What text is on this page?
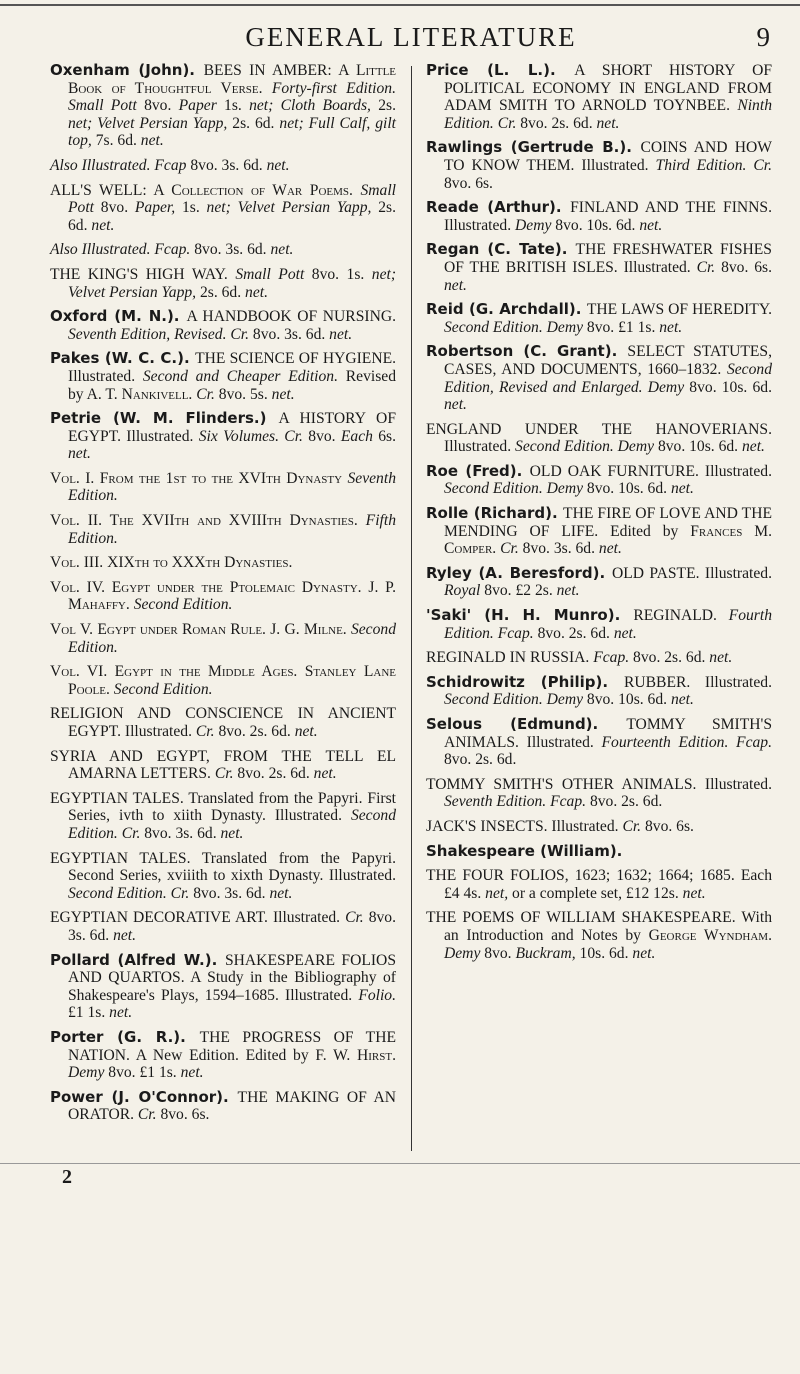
GENERAL LITERATURE	9

Oxenham (John). BEES IN AMBER: A Little Book of Thoughtful Verse. Forty-first Edition. Small Pott 8vo. Paper 1s. net; Cloth Boards, 2s. net; Velvet Persian Yapp, 2s. 6d. net; Full Calf, gilt top, 7s. 6d. net.

Also Illustrated. Fcap 8vo. 3s. 6d. net.

ALL'S WELL: A Collection of War Poems. Small Pott 8vo. Paper, 1s. net; Velvet Persian Yapp, 2s. 6d. net.

Also Illustrated. Fcap. 8vo. 3s. 6d. net.

THE KING'S HIGH WAY. Small Pott 8vo. 1s. net; Velvet Persian Yapp, 2s. 6d. net.

Oxford (M. N.). A HANDBOOK OF NURSING. Seventh Edition, Revised. Cr. 8vo. 3s. 6d. net.

Pakes (W. C. C.). THE SCIENCE OF HYGIENE. Illustrated. Second and Cheaper Edition. Revised by A. T. Nankivell. Cr. 8vo. 5s. net.

Petrie (W. M. Flinders.) A HISTORY OF EGYPT. Illustrated. Six Volumes. Cr. 8vo. Each 6s. net.

Vol. I. From the 1st to the XVIth Dynasty Seventh Edition.

Vol. II. The XVIIth and XVIIIth Dynasties. Fifth Edition.

Vol. III. XIXth to XXXth Dynasties.

Vol. IV. Egypt under the Ptolemaic Dynasty. J. P. Mahaffy. Second Edition.

Vol V. Egypt under Roman Rule. J. G. Milne. Second Edition.

Vol. VI. Egypt in the Middle Ages. Stanley Lane Poole. Second Edition.

RELIGION AND CONSCIENCE IN ANCIENT EGYPT. Illustrated. Cr. 8vo. 2s. 6d. net.

SYRIA AND EGYPT, FROM THE TELL EL AMARNA LETTERS. Cr. 8vo. 2s. 6d. net.

EGYPTIAN TALES. Translated from the Papyri. First Series, ivth to xiith Dynasty. Illustrated. Second Edition. Cr. 8vo. 3s. 6d. net.

EGYPTIAN TALES. Translated from the Papyri. Second Series, xviiith to xixth Dynasty. Illustrated. Second Edition. Cr. 8vo. 3s. 6d. net.

EGYPTIAN DECORATIVE ART. Illustrated. Cr. 8vo. 3s. 6d. net.

Pollard (Alfred W.). SHAKESPEARE FOLIOS AND QUARTOS. A Study in the Bibliography of Shakespeare's Plays, 1594–1685. Illustrated. Folio. £1 1s. net.

Porter (G. R.). THE PROGRESS OF THE NATION. A New Edition. Edited by F. W. Hirst. Demy 8vo. £1 1s. net.

Power (J. O'Connor). THE MAKING OF AN ORATOR. Cr. 8vo. 6s.

Price (L. L.). A SHORT HISTORY OF POLITICAL ECONOMY IN ENGLAND FROM ADAM SMITH TO ARNOLD TOYNBEE. Ninth Edition. Cr. 8vo. 2s. 6d. net.

Rawlings (Gertrude B.). COINS AND HOW TO KNOW THEM. Illustrated. Third Edition. Cr. 8vo. 6s.

Reade (Arthur). FINLAND AND THE FINNS. Illustrated. Demy 8vo. 10s. 6d. net.

Regan (C. Tate). THE FRESHWATER FISHES OF THE BRITISH ISLES. Illustrated. Cr. 8vo. 6s. net.

Reid (G. Archdall). THE LAWS OF HEREDITY. Second Edition. Demy 8vo. £1 1s. net.

Robertson (C. Grant). SELECT STATUTES, CASES, AND DOCUMENTS, 1660–1832. Second Edition, Revised and Enlarged. Demy 8vo. 10s. 6d. net.

ENGLAND UNDER THE HANOVERIANS. Illustrated. Second Edition. Demy 8vo. 10s. 6d. net.

Roe (Fred). OLD OAK FURNITURE. Illustrated. Second Edition. Demy 8vo. 10s. 6d. net.

Rolle (Richard). THE FIRE OF LOVE AND THE MENDING OF LIFE. Edited by Frances M. Comper. Cr. 8vo. 3s. 6d. net.

Ryley (A. Beresford). OLD PASTE. Illustrated. Royal 8vo. £2 2s. net.

'Saki' (H. H. Munro). REGINALD. Fourth Edition. Fcap. 8vo. 2s. 6d. net.

REGINALD IN RUSSIA. Fcap. 8vo. 2s. 6d. net.

Schidrowitz (Philip). RUBBER. Illustrated. Second Edition. Demy 8vo. 10s. 6d. net.

Selous (Edmund). TOMMY SMITH'S ANIMALS. Illustrated. Fourteenth Edition. Fcap. 8vo. 2s. 6d.

TOMMY SMITH'S OTHER ANIMALS. Illustrated. Seventh Edition. Fcap. 8vo. 2s. 6d.

JACK'S INSECTS. Illustrated. Cr. 8vo. 6s.

Shakespeare (William).

THE FOUR FOLIOS, 1623; 1632; 1664; 1685. Each £4 4s. net, or a complete set, £12 12s. net.

THE POEMS OF WILLIAM SHAKESPEARE. With an Introduction and Notes by George Wyndham. Demy 8vo. Buckram, 10s. 6d. net.

2
